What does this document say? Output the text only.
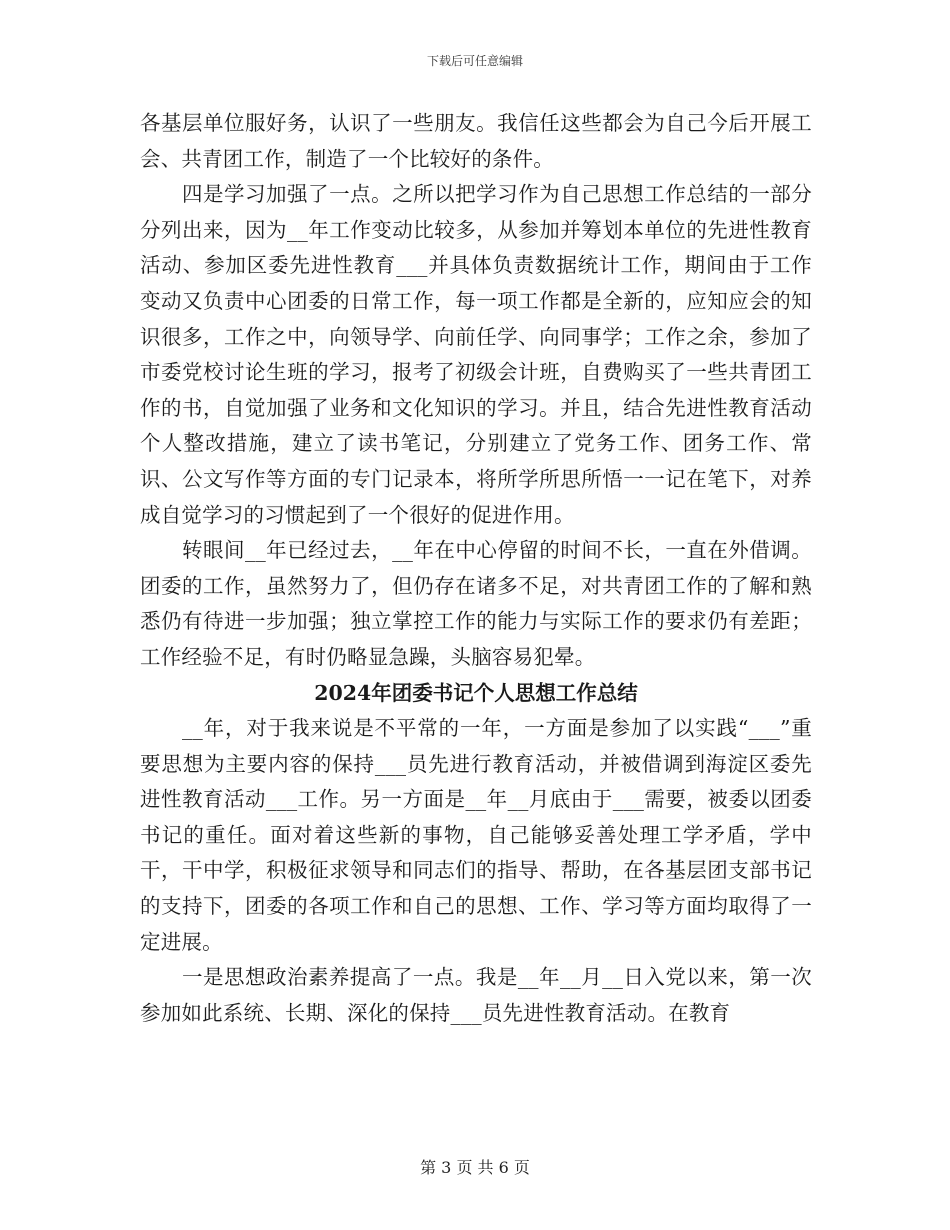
下载后可任意编辑

各基层单位服好务，认识了一些朋友。我信任这些都会为自己今后开展工会、共青团工作，制造了一个比较好的条件。

四是学习加强了一点。之所以把学习作为自己思想工作总结的一部分分列出来，因为__年工作变动比较多，从参加并筹划本单位的先进性教育活动、参加区委先进性教育___并具体负责数据统计工作，期间由于工作变动又负责中心团委的日常工作，每一项工作都是全新的，应知应会的知识很多，工作之中，向领导学、向前任学、向同事学；工作之余，参加了市委党校讨论生班的学习，报考了初级会计班，自费购买了一些共青团工作的书，自觉加强了业务和文化知识的学习。并且，结合先进性教育活动个人整改措施，建立了读书笔记，分别建立了党务工作、团务工作、常识、公文写作等方面的专门记录本，将所学所思所悟一一记在笔下，对养成自觉学习的习惯起到了一个很好的促进作用。

转眼间__年已经过去，__年在中心停留的时间不长，一直在外借调。团委的工作，虽然努力了，但仍存在诸多不足，对共青团工作的了解和熟悉仍有待进一步加强；独立掌控工作的能力与实际工作的要求仍有差距；工作经验不足，有时仍略显急躁，头脑容易犯晕。

2024年团委书记个人思想工作总结

__年，对于我来说是不平常的一年，一方面是参加了以实践“___”重要思想为主要内容的保持___员先进行教育活动，并被借调到海淀区委先进性教育活动___工作。另一方面是__年__月底由于___需要，被委以团委书记的重任。面对着这些新的事物，自己能够妥善处理工学矛盾，学中干，干中学，积极征求领导和同志们的指导、帮助，在各基层团支部书记的支持下，团委的各项工作和自己的思想、工作、学习等方面均取得了一定进展。

一是思想政治素养提高了一点。我是__年__月__日入党以来，第一次参加如此系统、长期、深化的保持___员先进性教育活动。在教育

第 3 页 共 6 页
